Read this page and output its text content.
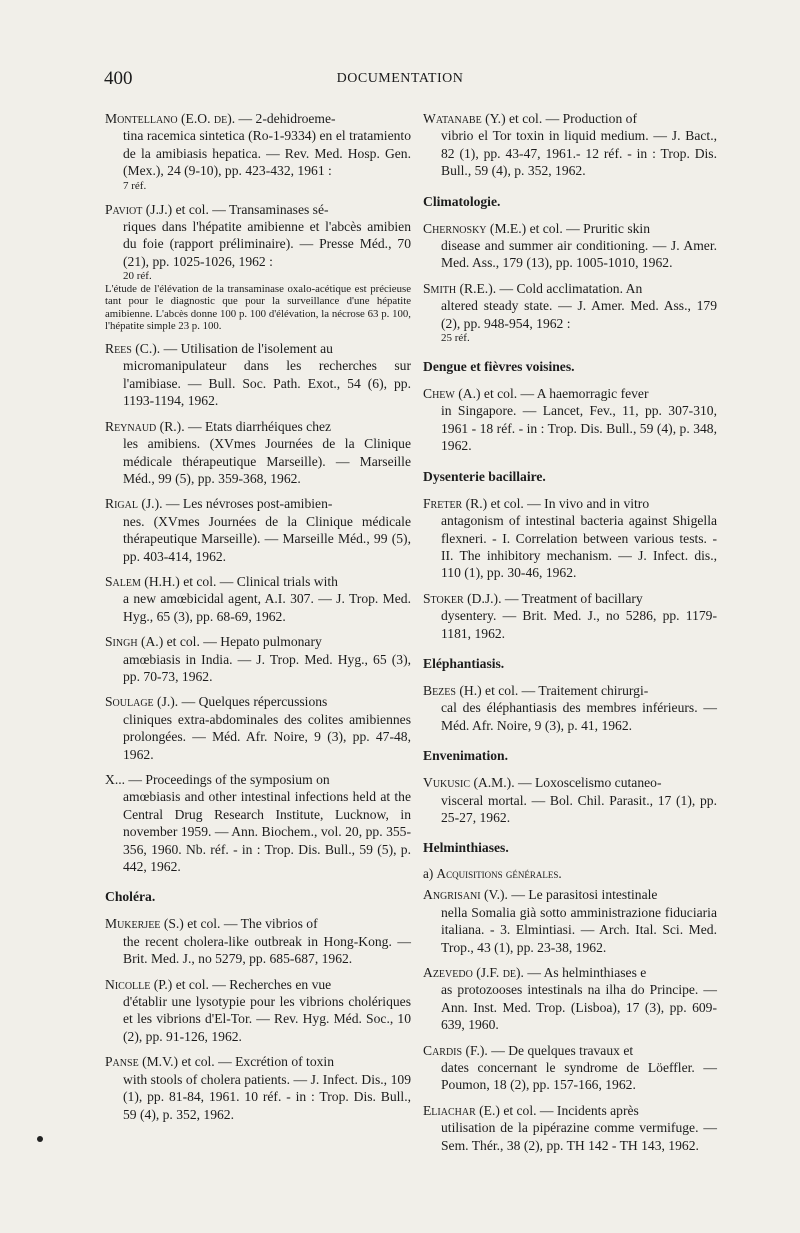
400	DOCUMENTATION
Montellano (E.O. de). — 2-dehidroeme-
tina racemica sintetica (Ro-1-9334) en el tratamiento de la amibiasis hepatica. — Rev. Med. Hosp. Gen. (Mex.), 24 (9-10), pp. 423-432, 1961 :
7 réf.
Paviot (J.J.) et col. — Transaminases sé-
riques dans l'hépatite amibienne et l'abcès amibien du foie (rapport préliminaire). — Presse Méd., 70 (21), pp. 1025-1026, 1962 :
20 réf.
L'étude de l'élévation de la transaminase oxalo-acétique est précieuse tant pour le diagnostic que pour la surveillance d'une hépatite amibienne. L'abcès donne 100 p. 100 d'élévation, la nécrose 63 p. 100, l'hépatite simple 23 p. 100.
Rees (C.). — Utilisation de l'isolement au
micromanipulateur dans les recherches sur l'amibiase. — Bull. Soc. Path. Exot., 54 (6), pp. 1193-1194, 1962.
Reynaud (R.). — Etats diarrhéiques chez
les amibiens. (XVmes Journées de la Clinique médicale thérapeutique Marseille). — Marseille Méd., 99 (5), pp. 359-368, 1962.
Rigal (J.). — Les névroses post-amibien-
nes. (XVmes Journées de la Clinique médicale thérapeutique Marseille). — Marseille Méd., 99 (5), pp. 403-414, 1962.
Salem (H.H.) et col. — Clinical trials with
a new amœbicidal agent, A.I. 307. — J. Trop. Med. Hyg., 65 (3), pp. 68-69, 1962.
Singh (A.) et col. — Hepato pulmonary
amœbiasis in India. — J. Trop. Med. Hyg., 65 (3), pp. 70-73, 1962.
Soulage (J.). — Quelques répercussions
cliniques extra-abdominales des colites amibiennes prolongées. — Méd. Afr. Noire, 9 (3), pp. 47-48, 1962.
X... — Proceedings of the symposium on
amœbiasis and other intestinal infections held at the Central Drug Research Institute, Lucknow, in november 1959. — Ann. Biochem., vol. 20, pp. 355-356, 1960. Nb. réf. - in : Trop. Dis. Bull., 59 (5), p. 442, 1962.
Choléra.
Mukerjee (S.) et col. — The vibrios of
the recent cholera-like outbreak in Hong-Kong. — Brit. Med. J., no 5279, pp. 685-687, 1962.
Nicolle (P.) et col. — Recherches en vue
d'établir une lysotypie pour les vibrions cholériques et les vibrions d'El-Tor. — Rev. Hyg. Méd. Soc., 10 (2), pp. 91-126, 1962.
Panse (M.V.) et col. — Excrétion of toxin
with stools of cholera patients. — J. Infect. Dis., 109 (1), pp. 81-84, 1961. 10 réf. - in : Trop. Dis. Bull., 59 (4), p. 352, 1962.
Watanabe (Y.) et col. — Production of
vibrio el Tor toxin in liquid medium. — J. Bact., 82 (1), pp. 43-47, 1961.- 12 réf. - in : Trop. Dis. Bull., 59 (4), p. 352, 1962.
Climatologie.
Chernosky (M.E.) et col. — Pruritic skin
disease and summer air conditioning. — J. Amer. Med. Ass., 179 (13), pp. 1005-1010, 1962.
Smith (R.E.). — Cold acclimatation. An
altered steady state. — J. Amer. Med. Ass., 179 (2), pp. 948-954, 1962 :
25 réf.
Dengue et fièvres voisines.
Chew (A.) et col. — A haemorragic fever
in Singapore. — Lancet, Fev., 11, pp. 307-310, 1961 - 18 réf. - in : Trop. Dis. Bull., 59 (4), p. 348, 1962.
Dysenterie bacillaire.
Freter (R.) et col. — In vivo and in vitro
antagonism of intestinal bacteria against Shigella flexneri. - I. Correlation between various tests. - II. The inhibitory mechanism. — J. Infect. dis., 110 (1), pp. 30-46, 1962.
Stoker (D.J.). — Treatment of bacillary
dysentery. — Brit. Med. J., no 5286, pp. 1179-1181, 1962.
Eléphantiasis.
Bezes (H.) et col. — Traitement chirurgi-
cal des éléphantiasis des membres inférieurs. — Méd. Afr. Noire, 9 (3), p. 41, 1962.
Envenimation.
Vukusic (A.M.). — Loxoscelismo cutaneo-
visceral mortal. — Bol. Chil. Parasit., 17 (1), pp. 25-27, 1962.
Helminthiases.
a) Acquisitions générales.
Angrisani (V.). — Le parasitosi intestinale
nella Somalia già sotto amministrazione fiduciaria italiana. - 3. Elmintiasi. — Arch. Ital. Sci. Med. Trop., 43 (1), pp. 23-38, 1962.
Azevedo (J.F. de). — As helminthiases e
as protozooses intestinals na ilha do Principe. — Ann. Inst. Med. Trop. (Lisboa), 17 (3), pp. 609-639, 1960.
Cardis (F.). — De quelques travaux et
dates concernant le syndrome de Löeffler. — Poumon, 18 (2), pp. 157-166, 1962.
Eliachar (E.) et col. — Incidents après
utilisation de la pipérazine comme vermifuge. — Sem. Thér., 38 (2), pp. TH 142 - TH 143, 1962.
